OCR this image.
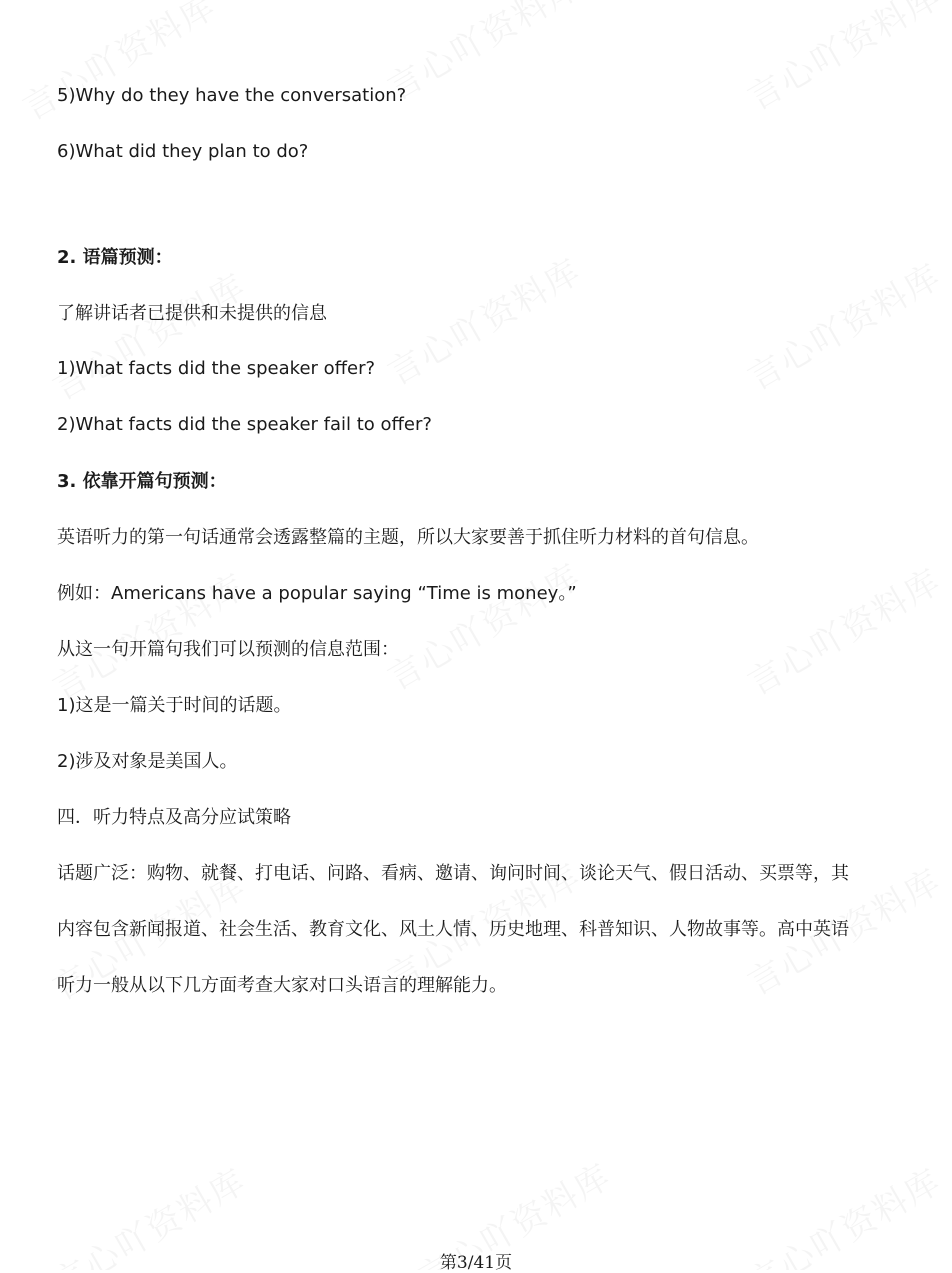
5)Why do they have the conversation?
6)What did they plan to do?
2. 语篇预测：
了解讲话者已提供和未提供的信息
1)What facts did the speaker offer?
2)What facts did the speaker fail to offer?
3. 依靠开篇句预测：
英语听力的第一句话通常会透露整篇的主题，所以大家要善于抓住听力材料的首句信息。
例如：Americans have a popular saying “Time is money。”
从这一句开篇句我们可以预测的信息范围：
1)这是一篇关于时间的话题。
2)涉及对象是美国人。
四．听力特点及高分应试策略
话题广泛：购物、就餐、打电话、问路、看病、邀请、询问时间、谈论天气、假日活动、买票等，其
内容包含新闻报道、社会生活、教育文化、风土人情、历史地理、科普知识、人物故事等。高中英语
听力一般从以下几方面考查大家对口头语言的理解能力。
第3/41页
